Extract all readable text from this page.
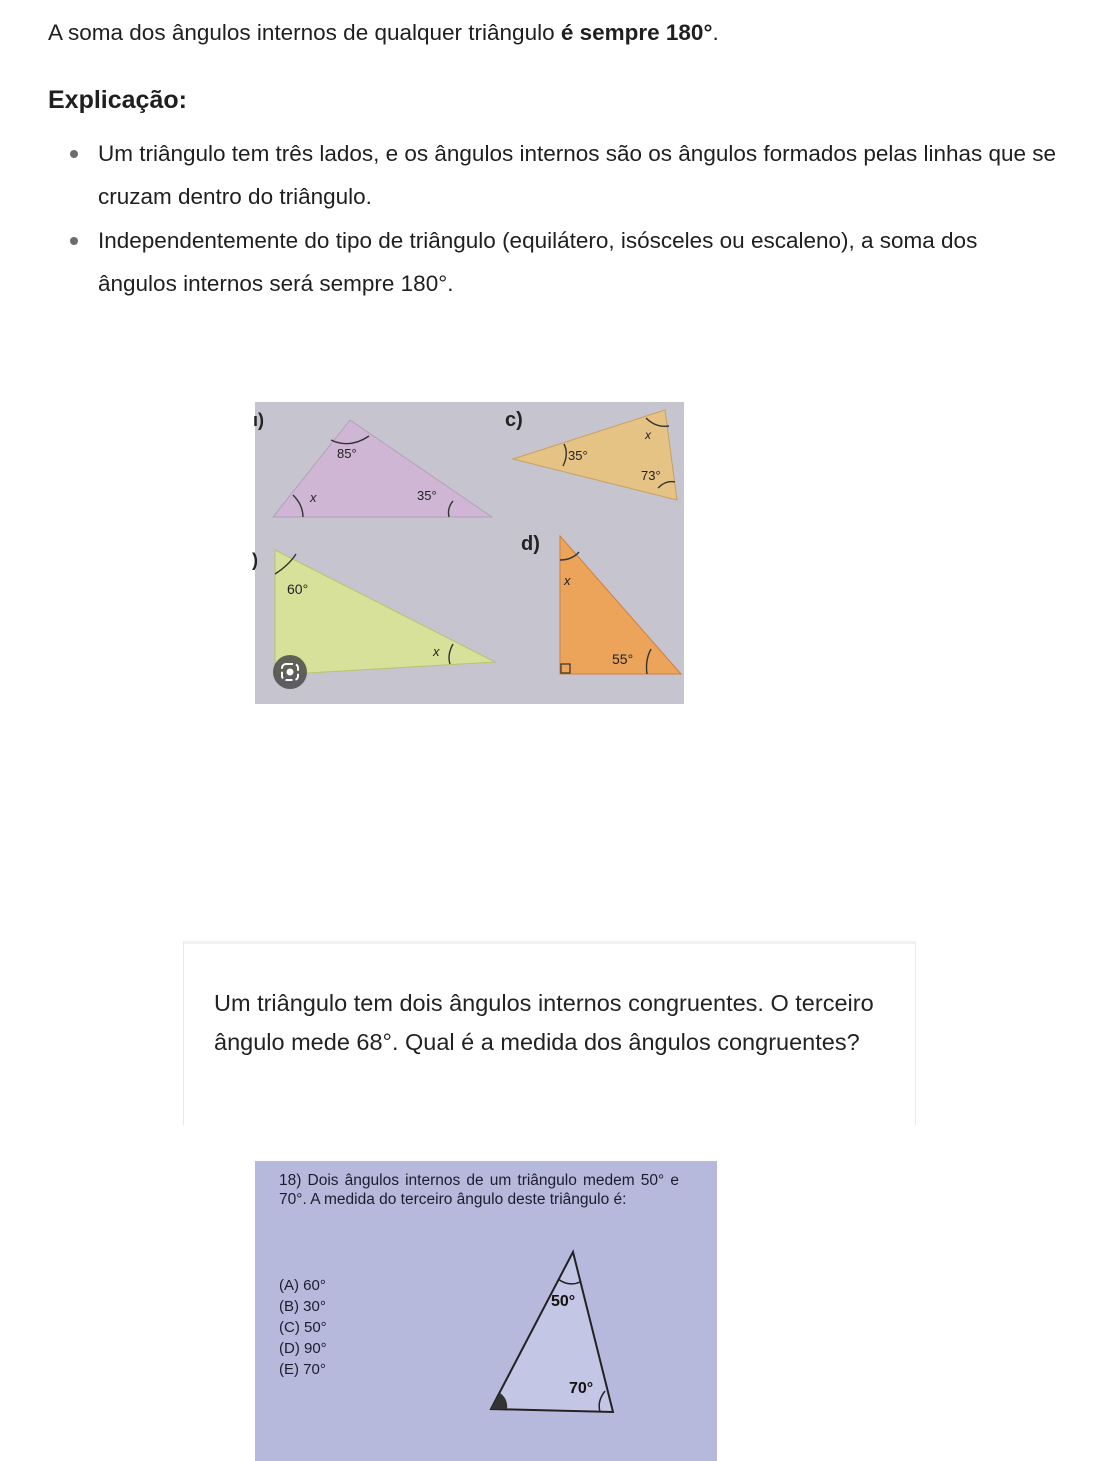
A soma dos ângulos internos de qualquer triângulo é sempre 180°.
Explicação:
Um triângulo tem três lados, e os ângulos internos são os ângulos formados pelas linhas que se cruzam dentro do triângulo.
Independentemente do tipo de triângulo (equilátero, isósceles ou escaleno), a soma dos ângulos internos será sempre 180°.
85°
x	35°
ı)
60°
x
)
35°
x
73°
c)
x
55°
d)

Um triângulo tem dois ângulos internos congruentes. O terceiro ângulo mede 68°. Qual é a medida dos ângulos congruentes?

18) Dois ângulos internos de um triângulo medem 50° e 70°. A medida do terceiro ângulo deste triângulo é:
(A) 60°
(B) 30°
(C) 50°
(D) 90°
(E) 70°
50°
70°
